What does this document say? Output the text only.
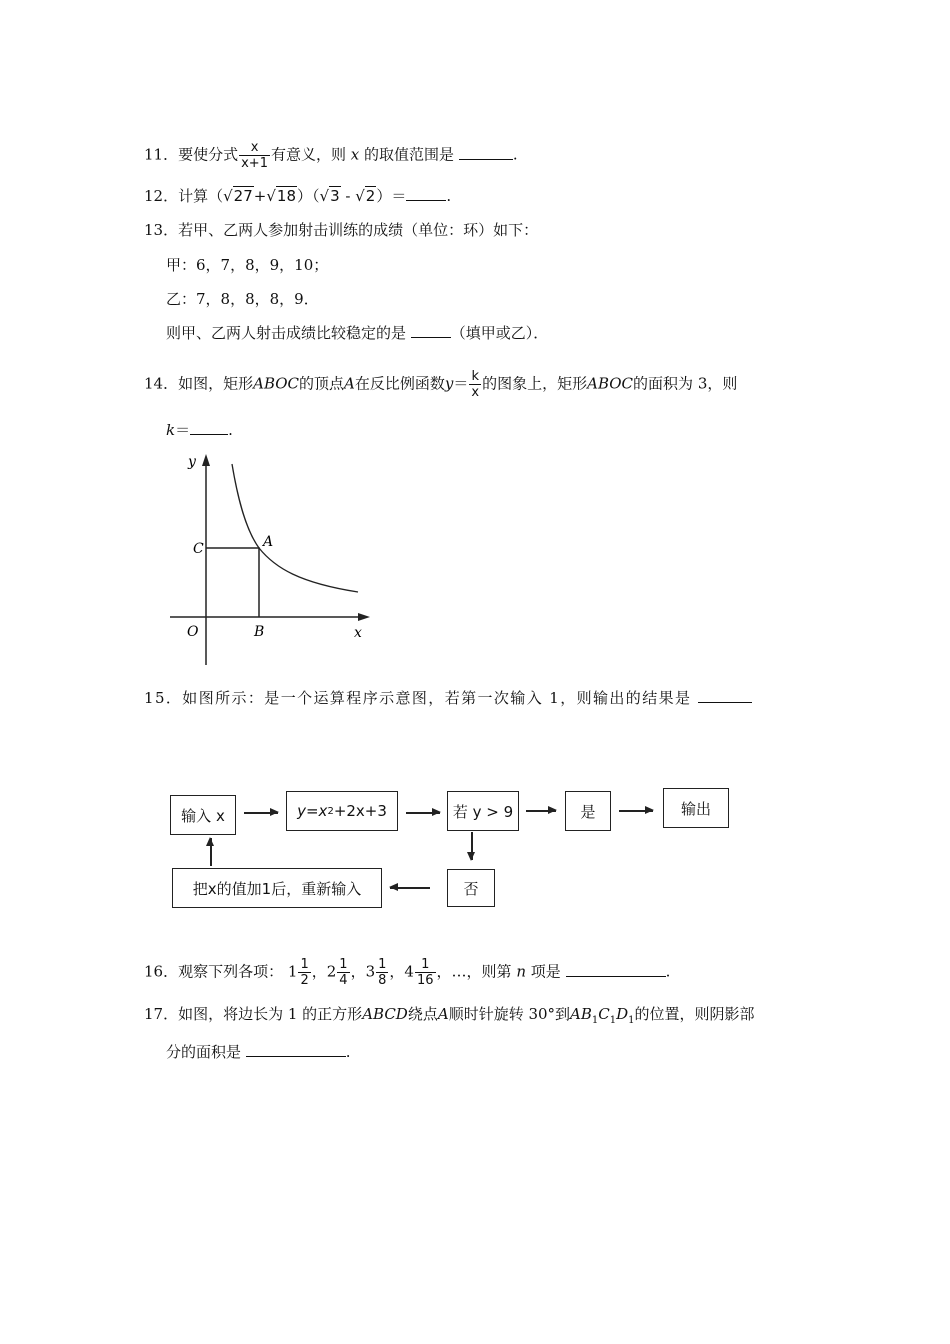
11．要使分式 $\frac{x}{x+1}$ 有意义，则 x 的取值范围是	.
12．计算（√27+√18）（√3 - √2）＝	.
13．若甲、乙两人参加射击训练的成绩（单位：环）如下：
甲：6，7，8，9，10；
乙：7，8，8，8，9．
则甲、乙两人射击成绩比较稳定的是	（填甲或乙）．
14．如图，矩形ABOC的顶点A在反比例函数$y= \frac{k}{x}$ 的图象上，矩形ABOC的面积为 3，则
k＝	.
y
x
O
C	A
B
15．如图所示：是一个运算程序示意图，若第一次输入 1，则输出的结果是
输入 x	y = x 2 +2x+3	若 y > 9	是	输出
否
把x的值加1后，重新输入
16．观察下列各项： $1 \frac{1}{2}$ ，$2 \frac{1}{4}$ ，$3 \frac{1}{8}$ ，$4 \frac{1}{16}$ ，…，则第 n 项是	.
17．如图，将边长为 1 的正方形ABCD绕点A顺时针旋转 30°到$AB_1C_1D_1$的位置，则阴影部
分的面积是	.
